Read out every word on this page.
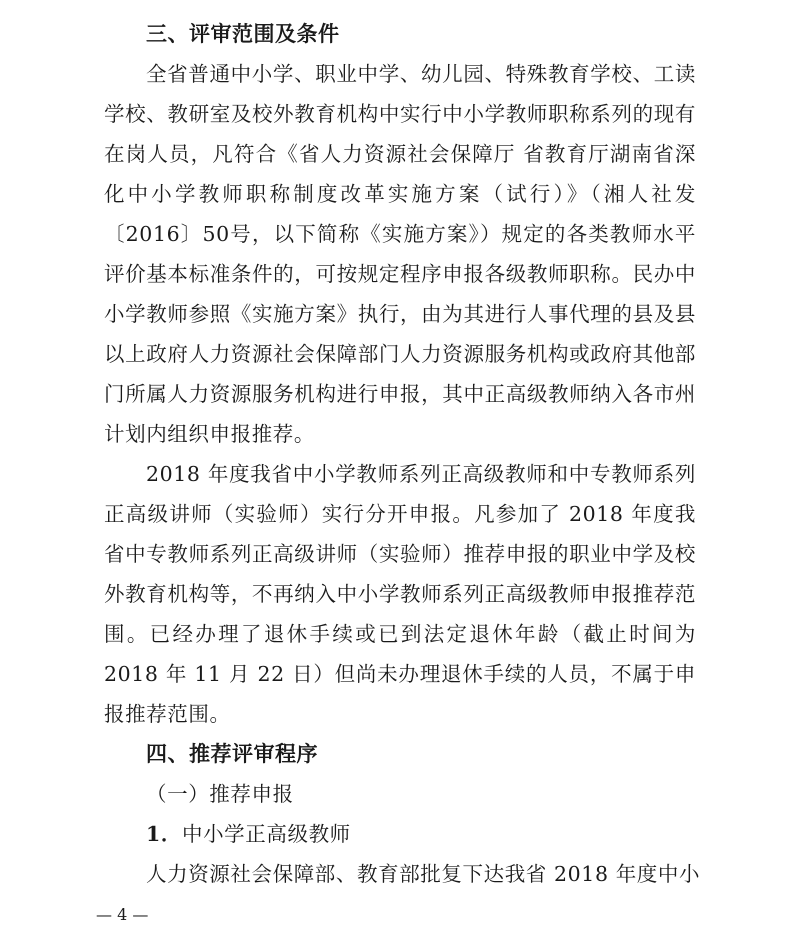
三、评审范围及条件

全省普通中小学、职业中学、幼儿园、特殊教育学校、工读学校、教研室及校外教育机构中实行中小学教师职称系列的现有在岗人员，凡符合《省人力资源社会保障厅 省教育厅湖南省深化中小学教师职称制度改革实施方案（试行）》（湘人社发〔2016〕50号，以下简称《实施方案》）规定的各类教师水平评价基本标准条件的，可按规定程序申报各级教师职称。民办中小学教师参照《实施方案》执行，由为其进行人事代理的县及县以上政府人力资源社会保障部门人力资源服务机构或政府其他部门所属人力资源服务机构进行申报，其中正高级教师纳入各市州计划内组织申报推荐。

2018 年度我省中小学教师系列正高级教师和中专教师系列正高级讲师（实验师）实行分开申报。凡参加了 2018 年度我省中专教师系列正高级讲师（实验师）推荐申报的职业中学及校外教育机构等，不再纳入中小学教师系列正高级教师申报推荐范围。已经办理了退休手续或已到法定退休年龄（截止时间为 2018 年 11 月 22 日）但尚未办理退休手续的人员，不属于申报推荐范围。

四、推荐评审程序
（一）推荐申报
1．中小学正高级教师

人力资源社会保障部、教育部批复下达我省 2018 年度中小

— 4 —
